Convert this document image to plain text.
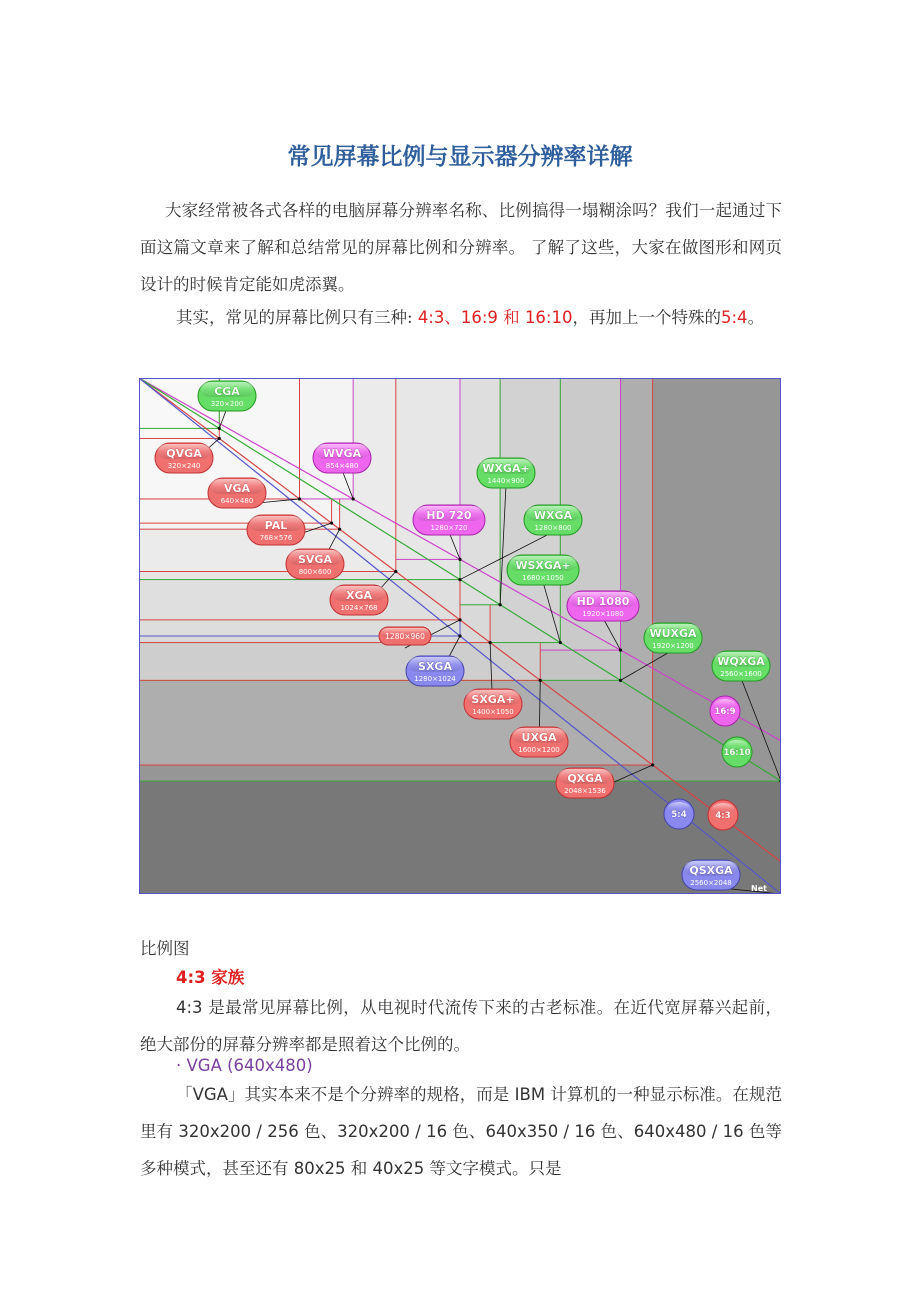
常见屏幕比例与显示器分辨率详解
大家经常被各式各样的电脑屏幕分辨率名称、比例搞得一塌糊涂吗？我们一起通过下面这篇文章来了解和总结常见的屏幕比例和分辨率。 了解了这些，大家在做图形和网页设计的时候肯定能如虎添翼。
其实，常见的屏幕比例只有三种: 4:3、16:9 和 16:10，再加上一个特殊的5:4。
CGA
320×200
QVGA
320×240
WVGA
854×480
VGA
640×480
WXGA+
1440×900
PAL
768×576
HD 720
1280×720
WXGA
1280×800
SVGA
800×600	WSXGA+
1680×1050
XGA
1024×768	HD 1080
1920×1080
1280×960	WUXGA
1920×1200
SXGA
1280×1024
WQXGA
2560×1600
SXGA+
1400×1050
UXGA
1600×1200
QXGA
2048×1536
QSXGA
2560×2048
16:9
16:10
5:4	4:3
Net
比例图
4:3 家族
4:3 是最常见屏幕比例，从电视时代流传下来的古老标准。在近代宽屏幕兴起前，绝大部份的屏幕分辨率都是照着这个比例的。
· VGA (640x480)
「VGA」其实本来不是个分辨率的规格，而是 IBM 计算机的一种显示标准。在规范里有 320x200 / 256 色、320x200 / 16 色、640x350 / 16 色、640x480 / 16 色等多种模式，甚至还有 80x25 和 40x25 等文字模式。只是
